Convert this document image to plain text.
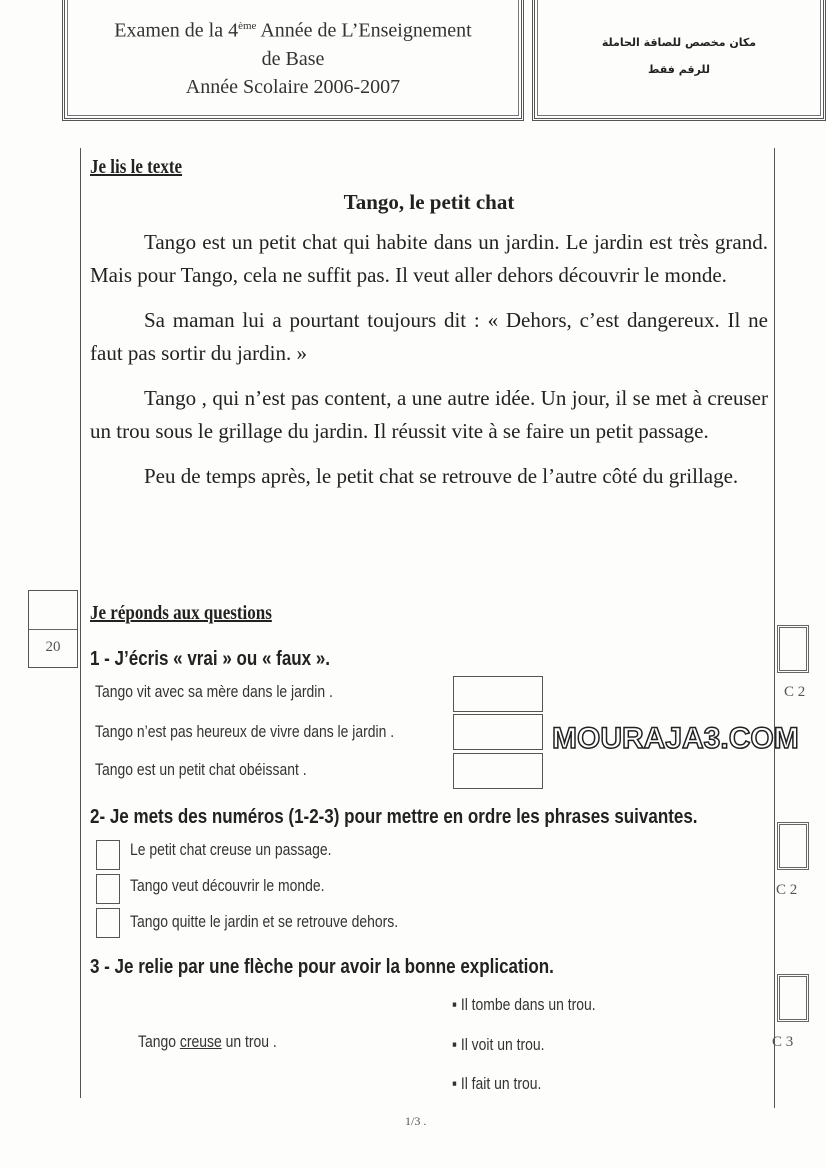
Examen de la 4ème Année de L’Enseignement
de Base
Année Scolaire 2006-2007
مكان مخصص للصاقة الحاملة
للرقم فقط
Je lis le texte
Tango, le petit chat

Tango est un petit chat qui habite dans un jardin. Le jardin est très grand. Mais pour Tango, cela ne suffit pas. Il veut aller dehors découvrir le monde.

Sa maman lui a pourtant toujours dit : « Dehors, c’est dangereux. Il ne faut pas sortir du jardin. »

Tango , qui n’est pas content, a une autre idée. Un jour, il se met à creuser un trou sous le grillage du jardin. Il réussit vite à se faire un petit passage.

Peu de temps après, le petit chat se retrouve de l’autre côté du grillage.

20
Je réponds aux questions
1 - J’écris « vrai » ou « faux ».
Tango vit avec sa mère dans le jardin .
Tango n’est pas heureux de vivre dans le jardin .
Tango est un petit chat obéissant .
MOURAJA3.COM
C 2
2- Je mets des numéros (1-2-3) pour mettre en ordre les phrases suivantes.
Le petit chat creuse un passage.
Tango veut découvrir le monde.
Tango quitte le jardin et se retrouve dehors.
C 2
3 - Je relie par une flèche pour avoir la bonne explication.
Tango creuse un trou .
▪ Il tombe dans un trou.
▪ Il voit un trou.
▪ Il fait un trou.
C 3
1/3 .
